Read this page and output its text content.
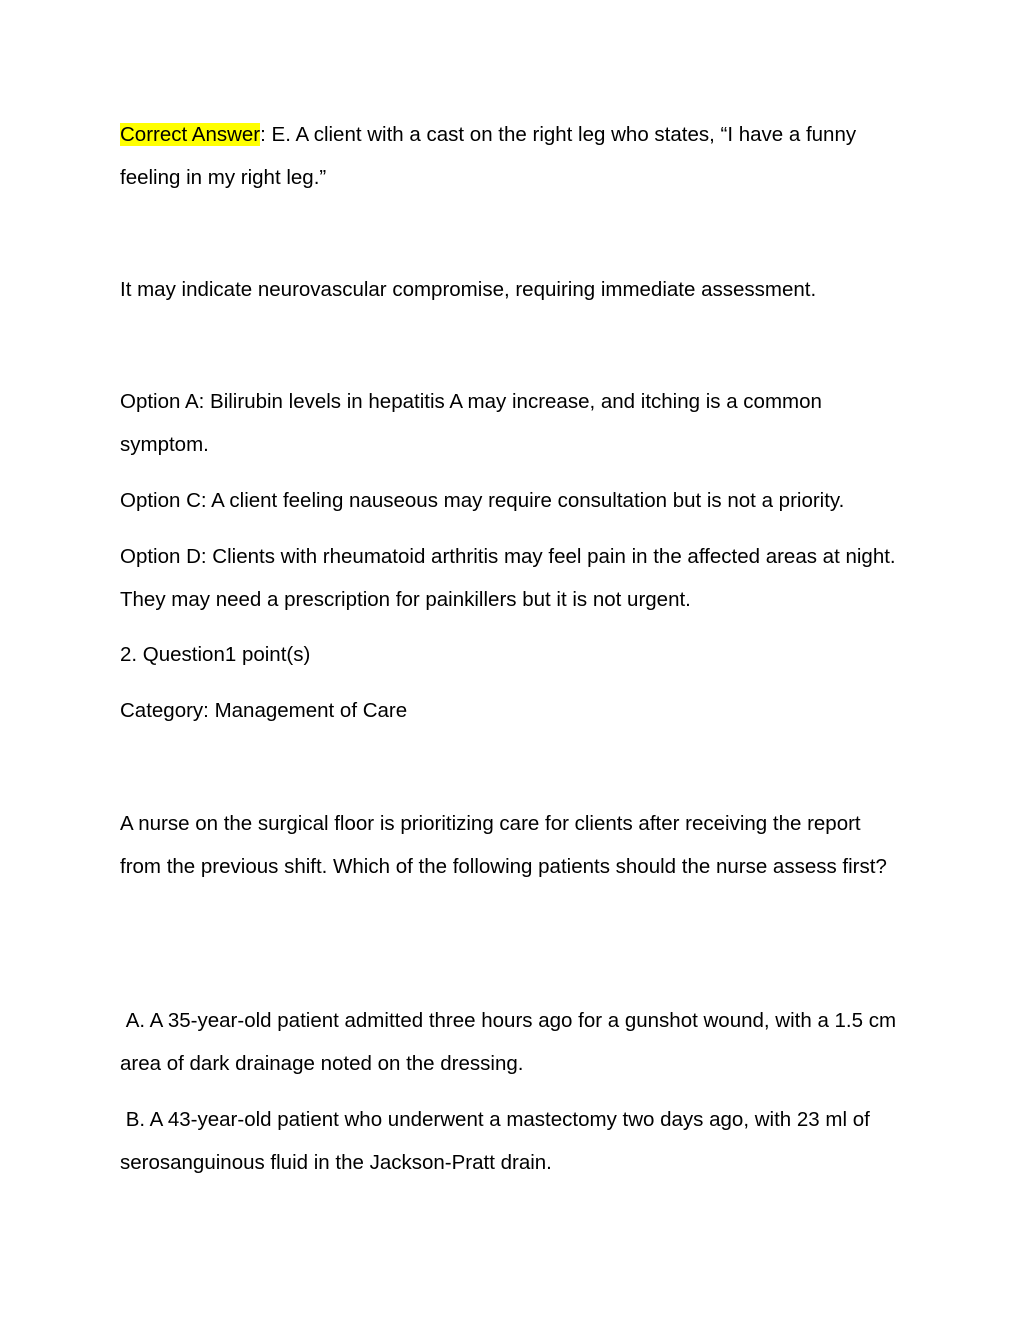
Correct Answer: E. A client with a cast on the right leg who states, “I have a funny feeling in my right leg.”

It may indicate neurovascular compromise, requiring immediate assessment.

Option A: Bilirubin levels in hepatitis A may increase, and itching is a common symptom.

Option C: A client feeling nauseous may require consultation but is not a priority.

Option D: Clients with rheumatoid arthritis may feel pain in the affected areas at night. They may need a prescription for painkillers but it is not urgent.

2. Question1 point(s)

Category: Management of Care

A nurse on the surgical floor is prioritizing care for clients after receiving the report from the previous shift. Which of the following patients should the nurse assess first?

A. A 35-year-old patient admitted three hours ago for a gunshot wound, with a 1.5 cm area of dark drainage noted on the dressing.

B. A 43-year-old patient who underwent a mastectomy two days ago, with 23 ml of serosanguinous fluid in the Jackson-Pratt drain.
